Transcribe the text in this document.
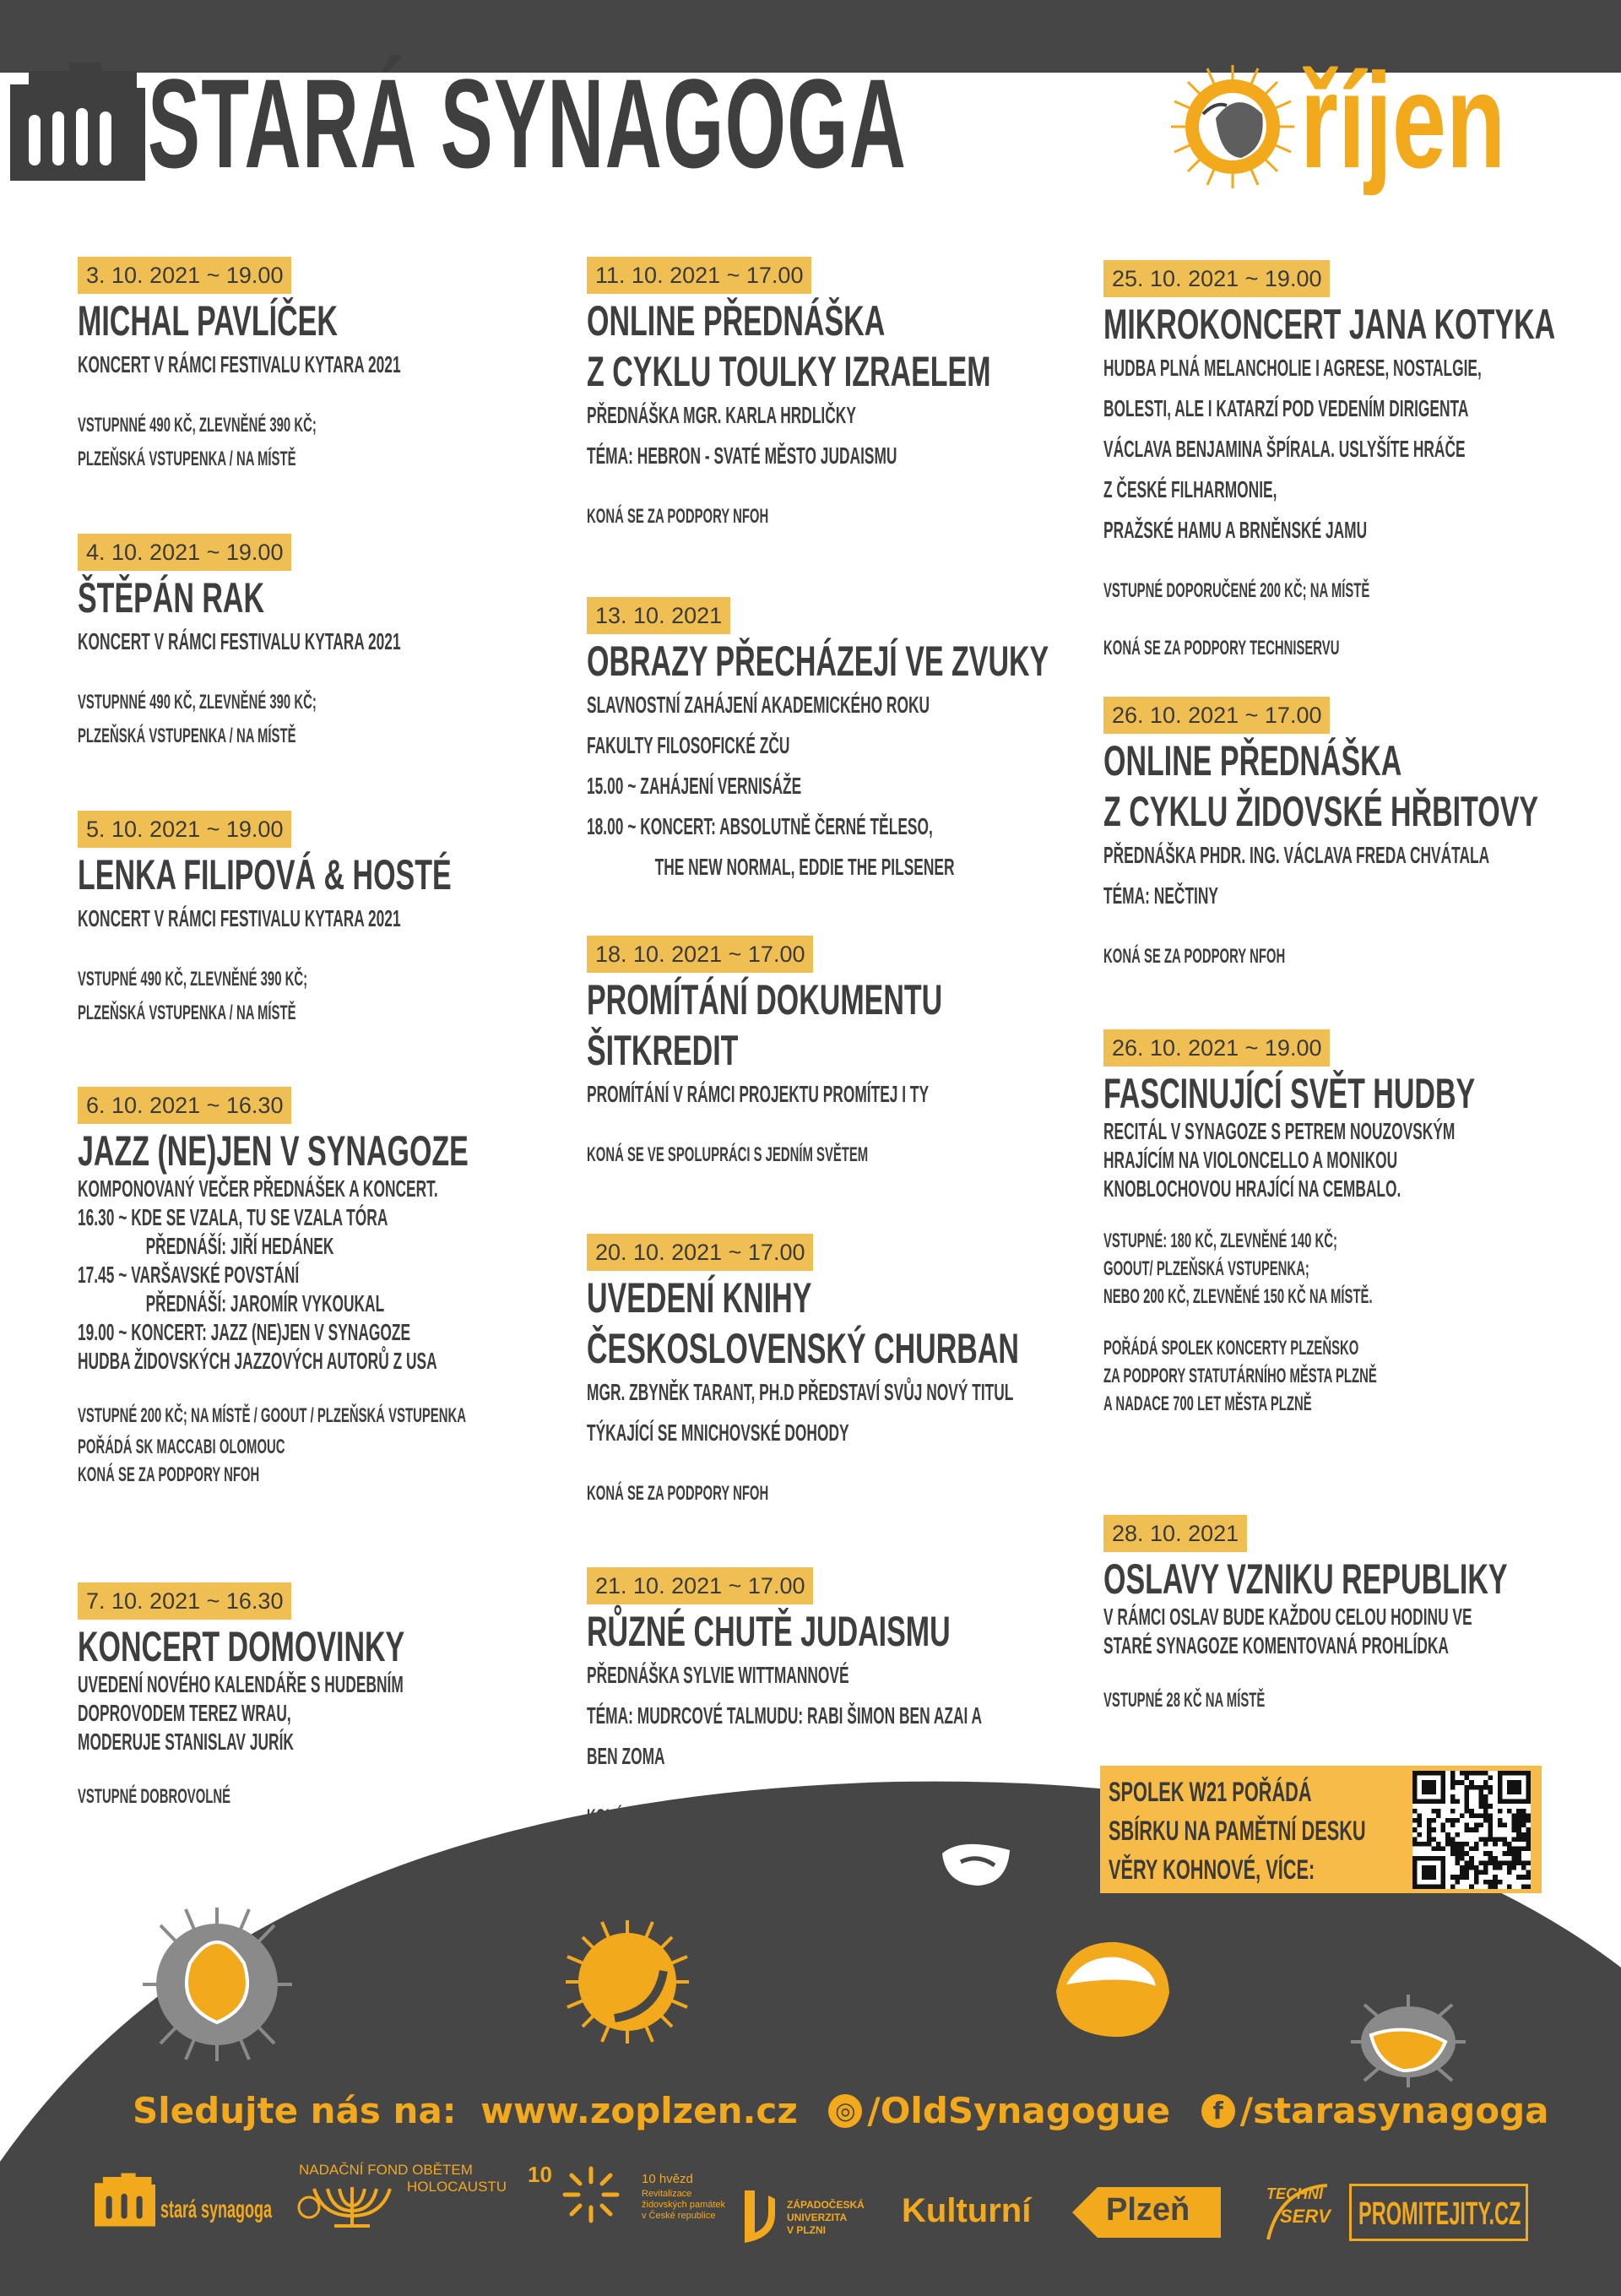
STARÁ SYNAGOGA	říjen
3. 10. 2021 ~ 19.00
MICHAL PAVLÍČEK
KONCERT V RÁMCI FESTIVALU KYTARA 2021
VSTUPNNÉ 490 KČ, ZLEVNĚNÉ 390 KČ;
PLZEŇSKÁ VSTUPENKA / NA MÍSTĚ
4. 10. 2021 ~ 19.00
ŠTĚPÁN RAK
KONCERT V RÁMCI FESTIVALU KYTARA 2021
VSTUPNNÉ 490 KČ, ZLEVNĚNÉ 390 KČ;
PLZEŇSKÁ VSTUPENKA / NA MÍSTĚ
5. 10. 2021 ~ 19.00
LENKA FILIPOVÁ & HOSTÉ
KONCERT V RÁMCI FESTIVALU KYTARA 2021
VSTUPNÉ 490 KČ, ZLEVNĚNÉ 390 KČ;
PLZEŇSKÁ VSTUPENKA / NA MÍSTĚ
6. 10. 2021 ~ 16.30
JAZZ (NE)JEN V SYNAGOZE
KOMPONOVANÝ VEČER PŘEDNÁŠEK A KONCERT.
16.30 ~ KDE SE VZALA, TU SE VZALA TÓRA
PŘEDNÁŠÍ: JIŘÍ HEDÁNEK
17.45 ~ VARŠAVSKÉ POVSTÁNÍ
PŘEDNÁŠÍ: JAROMÍR VYKOUKAL
19.00 ~ KONCERT: JAZZ (NE)JEN V SYNAGOZE
HUDBA ŽIDOVSKÝCH JAZZOVÝCH AUTORŮ Z USA
VSTUPNÉ 200 KČ; NA MÍSTĚ / GOOUT / PLZEŇSKÁ VSTUPENKA
POŘÁDÁ SK MACCABI OLOMOUC
KONÁ SE ZA PODPORY NFOH
7. 10. 2021 ~ 16.30
KONCERT DOMOVINKY
UVEDENÍ NOVÉHO KALENDÁŘE S HUDEBNÍM
DOPROVODEM TEREZ WRAU,
MODERUJE STANISLAV JURÍK
VSTUPNÉ DOBROVOLNÉ
11. 10. 2021 ~ 17.00
ONLINE PŘEDNÁŠKA
Z CYKLU TOULKY IZRAELEM
PŘEDNÁŠKA MGR. KARLA HRDLIČKY
TÉMA: HEBRON - SVATÉ MĚSTO JUDAISMU
KONÁ SE ZA PODPORY NFOH
13. 10. 2021
OBRAZY PŘECHÁZEJÍ VE ZVUKY
SLAVNOSTNÍ ZAHÁJENÍ AKADEMICKÉHO ROKU
FAKULTY FILOSOFICKÉ ZČU
15.00 ~ ZAHÁJENÍ VERNISÁŽE
18.00 ~ KONCERT: ABSOLUTNĚ ČERNÉ TĚLESO,
THE NEW NORMAL, EDDIE THE PILSENER
18. 10. 2021 ~ 17.00
PROMÍTÁNÍ DOKUMENTU
ŠITKREDIT
PROMÍTÁNÍ V RÁMCI PROJEKTU PROMÍTEJ I TY
KONÁ SE VE SPOLUPRÁCI S JEDNÍM SVĚTEM
20. 10. 2021 ~ 17.00
UVEDENÍ KNIHY
ČESKOSLOVENSKÝ CHURBAN
MGR. ZBYNĚK TARANT, PH.D PŘEDSTAVÍ SVŮJ NOVÝ TITUL
TÝKAJÍCÍ SE MNICHOVSKÉ DOHODY
KONÁ SE ZA PODPORY NFOH
21. 10. 2021 ~ 17.00
RŮZNÉ CHUTĚ JUDAISMU
PŘEDNÁŠKA SYLVIE WITTMANNOVÉ
TÉMA: MUDRCOVÉ TALMUDU: RABI ŠIMON BEN AZAI A
BEN ZOMA
25. 10. 2021 ~ 19.00
MIKROKONCERT JANA KOTYKA
HUDBA PLNÁ MELANCHOLIE I AGRESE, NOSTALGIE,
BOLESTI, ALE I KATARZÍ POD VEDENÍM DIRIGENTA
VÁCLAVA BENJAMINA ŠPÍRALA. USLYŠÍTE HRÁČE
Z ČESKÉ FILHARMONIE,
PRAŽSKÉ HAMU A BRNĚNSKÉ JAMU
VSTUPNÉ DOPORUČENÉ 200 KČ; NA MÍSTĚ
KONÁ SE ZA PODPORY TECHNISERVU
26. 10. 2021 ~ 17.00
ONLINE PŘEDNÁŠKA
Z CYKLU ŽIDOVSKÉ HŘBITOVY
PŘEDNÁŠKA PHDR. ING. VÁCLAVA FREDA CHVÁTALA
TÉMA: NEČTINY
KONÁ SE ZA PODPORY NFOH
26. 10. 2021 ~ 19.00
FASCINUJÍCÍ SVĚT HUDBY
RECITÁL V SYNAGOZE S PETREM NOUZOVSKÝM
HRAJÍCÍM NA VIOLONCELLO A MONIKOU
KNOBLOCHOVOU HRAJÍCÍ NA CEMBALO.
VSTUPNÉ: 180 KČ, ZLEVNĚNÉ 140 KČ;
GOOUT/ PLZEŇSKÁ VSTUPENKA;
NEBO 200 KČ, ZLEVNĚNÉ 150 KČ NA MÍSTĚ.
POŘÁDÁ SPOLEK KONCERTY PLZEŇSKO
ZA PODPORY STATUTÁRNÍHO MĚSTA PLZNĚ
A NADACE 700 LET MĚSTA PLZNĚ
28. 10. 2021
OSLAVY VZNIKU REPUBLIKY
V RÁMCI OSLAV BUDE KAŽDOU CELOU HODINU VE
STARÉ SYNAGOZE KOMENTOVANÁ PROHLÍDKA
VSTUPNÉ 28 KČ NA MÍSTĚ
SPOLEK W21 POŘÁDÁ
SBÍRKU NA PAMĚTNÍ DESKU
VĚRY KOHNOVÉ, VÍCE:
Sledujte nás na: www.zoplzen.cz ◎ /OldSynagogue f /starasynagoga
stará synagoga
NADAČNÍ FOND OBĚTEM
HOLOCAUSTU 10	10 hvězd
Revitalizace
židovských památek
v České republice
ZÁPADOČESKÁ
UNIVERZITA
V PLZNI
Kulturní Plzeň	TECHNI
SERV PROMITEJITY.CZ
